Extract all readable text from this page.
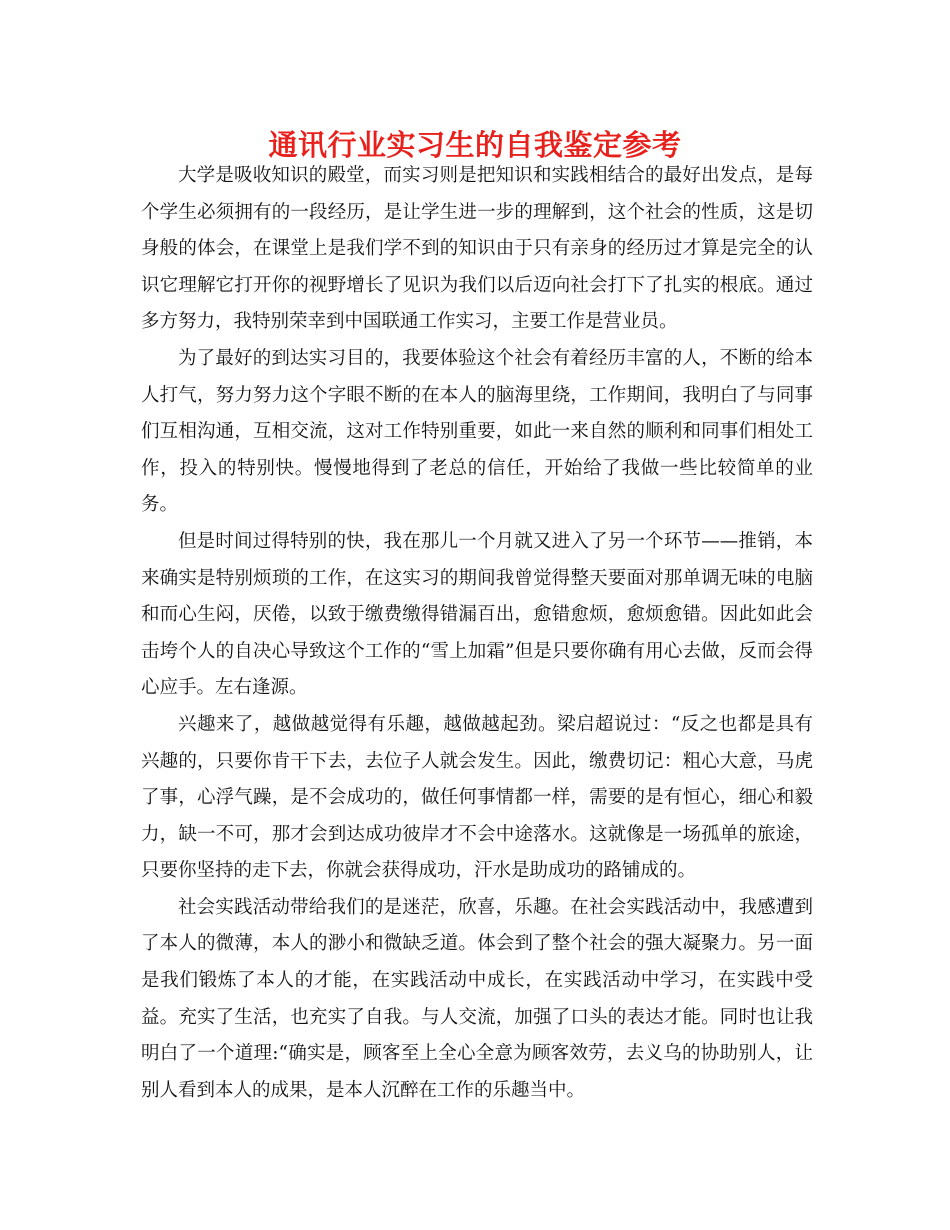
通讯行业实习生的自我鉴定参考

大学是吸收知识的殿堂，而实习则是把知识和实践相结合的最好出发点，是每个学生必须拥有的一段经历，是让学生进一步的理解到，这个社会的性质，这是切身般的体会，在课堂上是我们学不到的知识由于只有亲身的经历过才算是完全的认识它理解它打开你的视野增长了见识为我们以后迈向社会打下了扎实的根底。通过多方努力，我特别荣幸到中国联通工作实习，主要工作是营业员。

为了最好的到达实习目的，我要体验这个社会有着经历丰富的人，不断的给本人打气，努力努力这个字眼不断的在本人的脑海里绕，工作期间，我明白了与同事们互相沟通，互相交流，这对工作特别重要，如此一来自然的顺利和同事们相处工作，投入的特别快。慢慢地得到了老总的信任，开始给了我做一些比较简单的业务。

但是时间过得特别的快，我在那儿一个月就又进入了另一个环节——推销，本来确实是特别烦琐的工作，在这实习的期间我曾觉得整天要面对那单调无味的电脑和而心生闷，厌倦，以致于缴费缴得错漏百出，愈错愈烦，愈烦愈错。因此如此会击垮个人的自决心导致这个工作的“雪上加霜”但是只要你确有用心去做，反而会得心应手。左右逢源。

兴趣来了，越做越觉得有乐趣，越做越起劲。梁启超说过：“反之也都是具有兴趣的，只要你肯干下去，去位子人就会发生。因此，缴费切记：粗心大意，马虎了事，心浮气躁，是不会成功的，做任何事情都一样，需要的是有恒心，细心和毅力，缺一不可，那才会到达成功彼岸才不会中途落水。这就像是一场孤单的旅途，只要你坚持的走下去，你就会获得成功，汗水是助成功的路铺成的。

社会实践活动带给我们的是迷茫，欣喜，乐趣。在社会实践活动中，我感遭到了本人的微薄，本人的渺小和微缺乏道。体会到了整个社会的强大凝聚力。另一面是我们锻炼了本人的才能，在实践活动中成长，在实践活动中学习，在实践中受益。充实了生活，也充实了自我。与人交流，加强了口头的表达才能。同时也让我明白了一个道理:“确实是，顾客至上全心全意为顾客效劳，去义乌的协助别人，让别人看到本人的成果，是本人沉醉在工作的乐趣当中。
